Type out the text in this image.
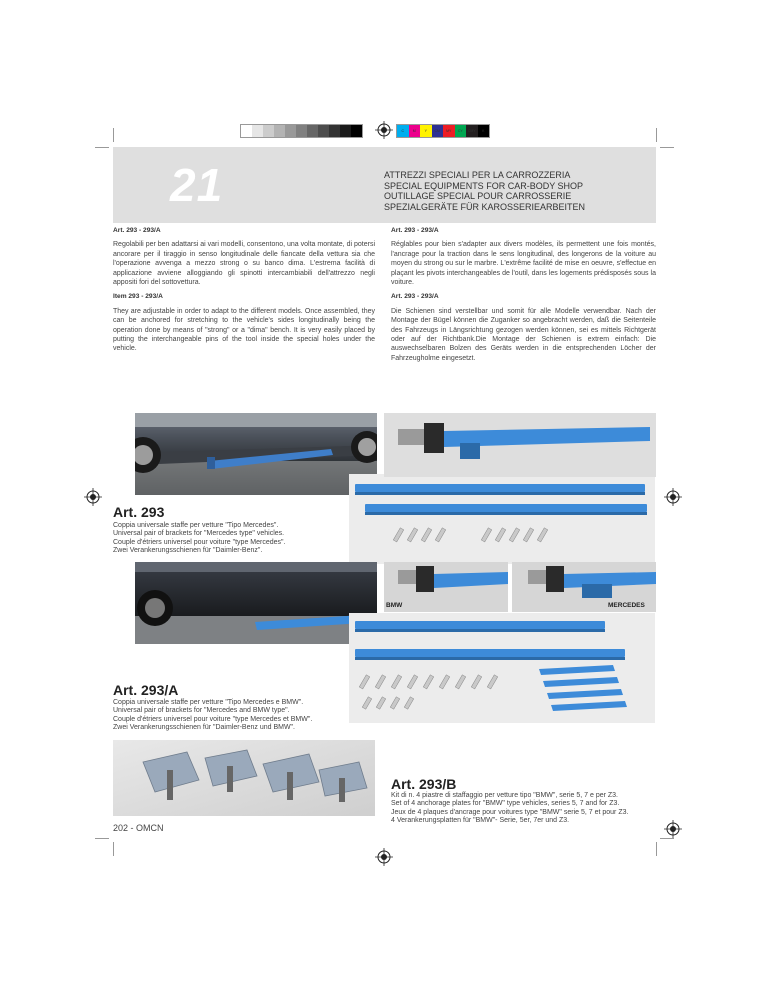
C	M	Y	CM	MY	CY	CMY	K
21	ATTREZZI SPECIALI PER LA CARROZZERIA
SPECIAL EQUIPMENTS FOR CAR-BODY SHOP
OUTILLAGE SPECIAL POUR CARROSSERIE
SPEZIALGERÄTE FÜR KAROSSERIEARBEITEN
Art. 293 - 293/A
Regolabili per ben adattarsi ai vari modelli, consentono, una volta montate, di potersi ancorare per il tiraggio in senso longitudinale delle fiancate della vettura sia che l'operazione avvenga a mezzo strong o su banco dima. L'estrema facilità di applicazione avviene alloggiando gli spinotti intercambiabili dell'attrezzo negli appositi fori del sottovettura.
Item 293 - 293/A
They are adjustable in order to adapt to the different models. Once assembled, they can be anchored for stretching to the vehicle's sides longitudinally being the operation done by means of "strong" or a "dima" bench. It is very easily placed by putting the interchangeable pins of the tool inside the special holes under the vehicle.
Art. 293 - 293/A
Réglables pour bien s'adapter aux divers modèles, ils permettent une fois montés, l'ancrage pour la traction dans le sens longitudinal, des longerons de la voiture au moyen du strong ou sur le marbre. L'extrême facilité de mise en oeuvre, s'effectue en plaçant les pivots interchangeables de l'outil, dans les logements prédisposés sous la voiture.
Art. 293 - 293/A
Die Schienen sind verstellbar und somit für alle Modelle verwendbar. Nach der Montage der Bügel können die Zuganker so angebracht werden, daß die Seitenteile des Fahrzeugs in Längsrichtung gezogen werden können, sei es mittels Richtgerät oder auf der Richtbank.Die Montage der Schienen is extrem einfach: Die auswechselbaren Bolzen des Geräts werden in die entsprechenden Löcher der Fahrzeugholme eingesetzt.
Art. 293
Coppia universale staffe per vetture "Tipo Mercedes".
Universal pair of brackets for "Mercedes type" vehicles.
Couple d'étriers universel pour voiture "type Mercedes".
Zwei Verankerungsschienen für "Daimler-Benz".
BMW	MERCEDES
Art. 293/A
Coppia universale staffe per vetture "Tipo Mercedes e BMW".
Universal pair of brackets for "Mercedes and BMW type".
Couple d'étriers universel pour voiture "type Mercedes et BMW".
Zwei Verankerungsschienen für "Daimler-Benz und BMW".
Art. 293/B
Kit di n. 4 piastre di staffaggio per vetture tipo "BMW", serie 5, 7 e per Z3.
Set of 4 anchorage plates for "BMW" type vehicles, series 5, 7 and for Z3.
Jeux de 4 plaques d'ancrage pour voitures type "BMW" serie 5, 7 et pour Z3.
4 Verankerungsplatten für "BMW"- Serie, 5er, 7er und Z3.
202 - OMCN
